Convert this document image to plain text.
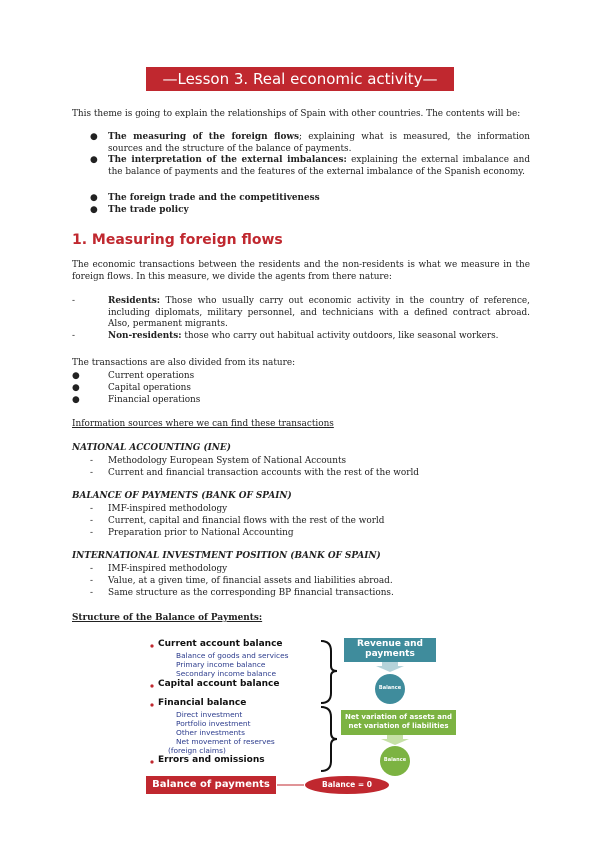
—Lesson 3. Real economic activity—
This theme is going to explain the relationships of Spain with other countries. The contents will be:
● The measuring of the foreign flows; explaining what is measured, the information sources and the structure of the balance of payments.
● The interpretation of the external imbalances: explaining the external imbalance and the balance of payments and the features of the external imbalance of the Spanish economy.
● The foreign trade and the competitiveness
● The trade policy
1. Measuring foreign flows
The economic transactions between the residents and the non-residents is what we measure in the foreign flows. In this measure, we divide the agents from there nature:
-	Residents: Those who usually carry out economic activity in the country of reference, including diplomats, military personnel, and technicians with a defined contract abroad. Also, permanent migrants.
-	Non-residents: those who carry out habitual activity outdoors, like seasonal workers.
The transactions are also divided from its nature:
●	Current operations
●	Capital operations
●	Financial operations
Information sources where we can find these transactions
NATIONAL ACCOUNTING (INE)
- Methodology European System of National Accounts
- Current and financial transaction accounts with the rest of the world
BALANCE OF PAYMENTS (BANK OF SPAIN)
- IMF-inspired methodology
- Current, capital and financial flows with the rest of the world
- Preparation prior to National Accounting
INTERNATIONAL INVESTMENT POSITION (BANK OF SPAIN)
- IMF-inspired methodology
- Value, at a given time, of financial assets and liabilities abroad.
- Same structure as the corresponding BP financial transactions.
Structure of the Balance of Payments:
Current account balance
Balance of goods and services
Primary income balance
Secondary income balance
Capital account balance
Financial balance
Direct investment
Portfolio investment
Other investments
Net movement of reserves
(foreign claims)
Errors and omissions
Revenue and payments
Balance
Net variation of assets and net variation of liabilities
Balance
Balance of payments	Balance = 0
